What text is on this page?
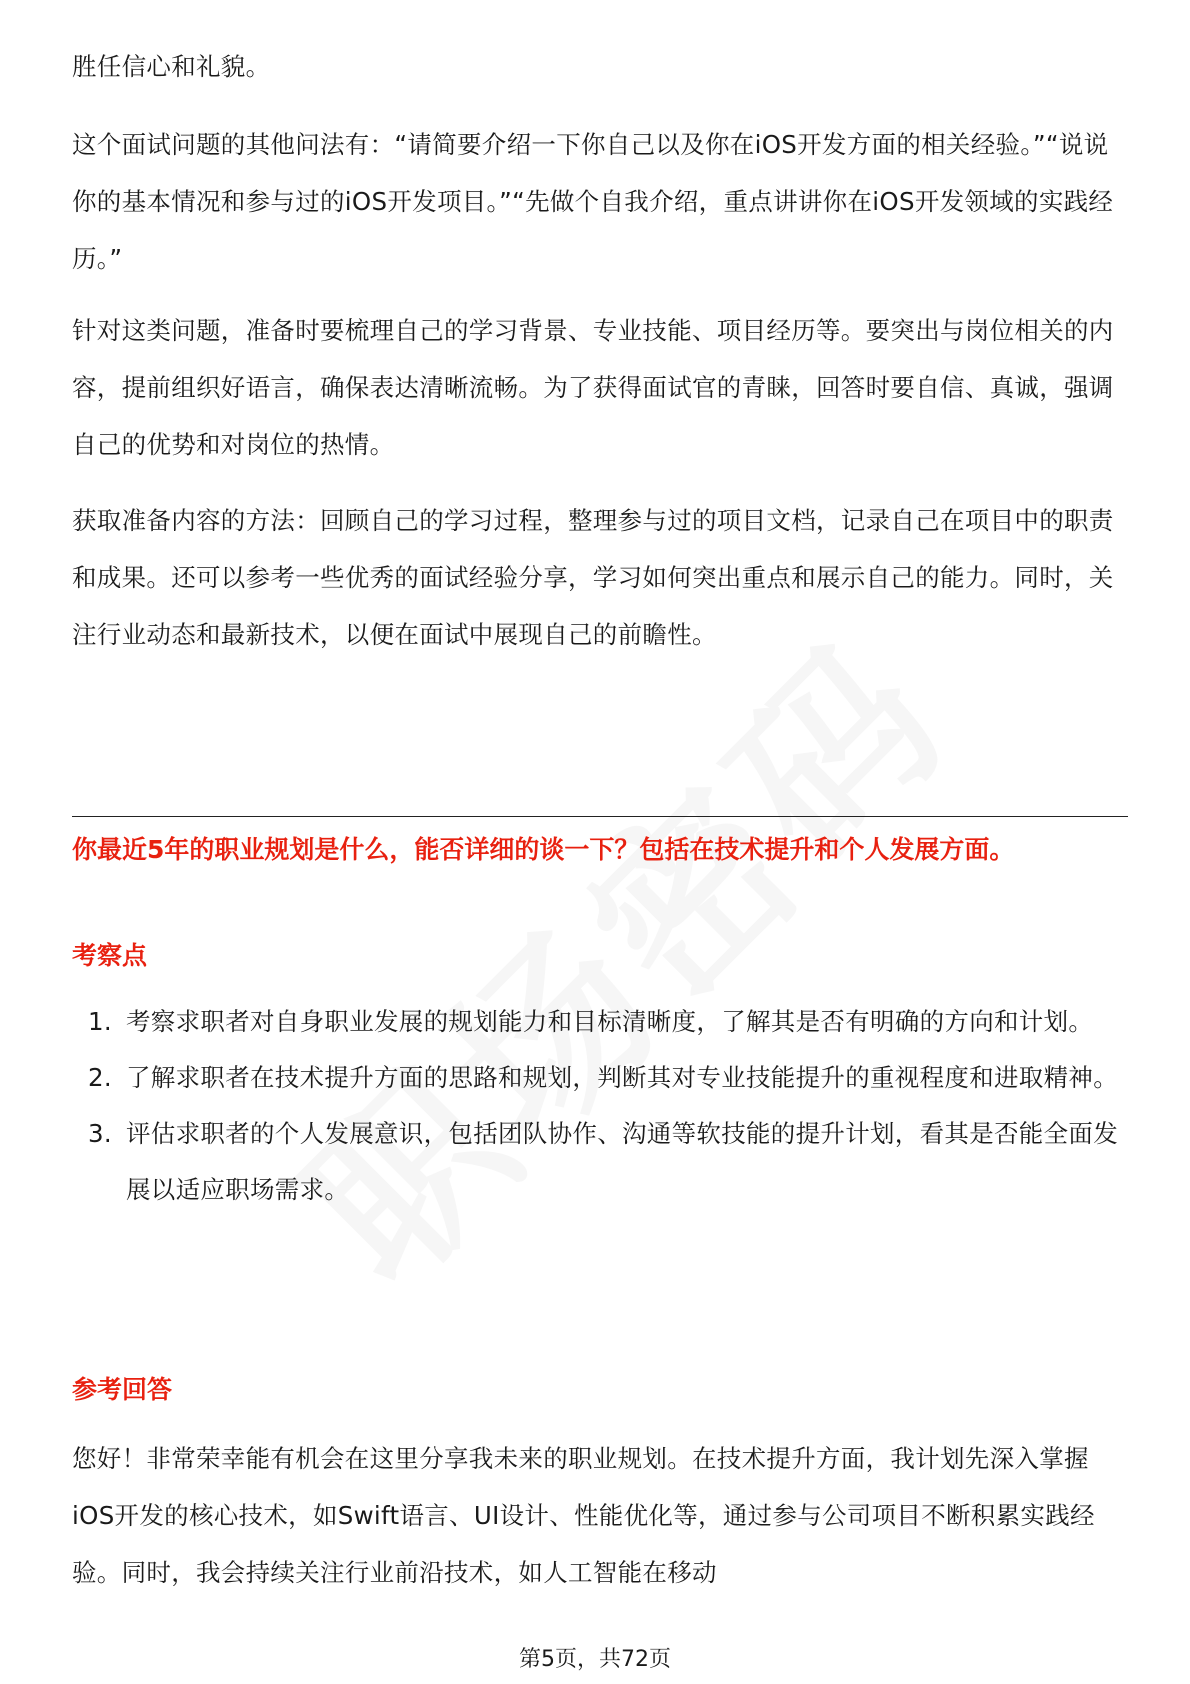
胜任信心和礼貌。

这个面试问题的其他问法有：“请简要介绍一下你自己以及你在iOS开发方面的相关经验。”“说说你的基本情况和参与过的iOS开发项目。”“先做个自我介绍，重点讲讲你在iOS开发领域的实践经历。”

针对这类问题，准备时要梳理自己的学习背景、专业技能、项目经历等。要突出与岗位相关的内容，提前组织好语言，确保表达清晰流畅。为了获得面试官的青睐，回答时要自信、真诚，强调自己的优势和对岗位的热情。

获取准备内容的方法：回顾自己的学习过程，整理参与过的项目文档，记录自己在项目中的职责和成果。还可以参考一些优秀的面试经验分享，学习如何突出重点和展示自己的能力。同时，关注行业动态和最新技术，以便在面试中展现自己的前瞻性。

你最近5年的职业规划是什么，能否详细的谈一下？包括在技术提升和个人发展方面。

考察点

1. 考察求职者对自身职业发展的规划能力和目标清晰度，了解其是否有明确的方向和计划。
2. 了解求职者在技术提升方面的思路和规划，判断其对专业技能提升的重视程度和进取精神。
3. 评估求职者的个人发展意识，包括团队协作、沟通等软技能的提升计划，看其是否能全面发展以适应职场需求。

参考回答

您好！非常荣幸能有机会在这里分享我未来的职业规划。在技术提升方面，我计划先深入掌握iOS开发的核心技术，如Swift语言、UI设计、性能优化等，通过参与公司项目不断积累实践经验。同时，我会持续关注行业前沿技术，如人工智能在移动

第5页，共72页
